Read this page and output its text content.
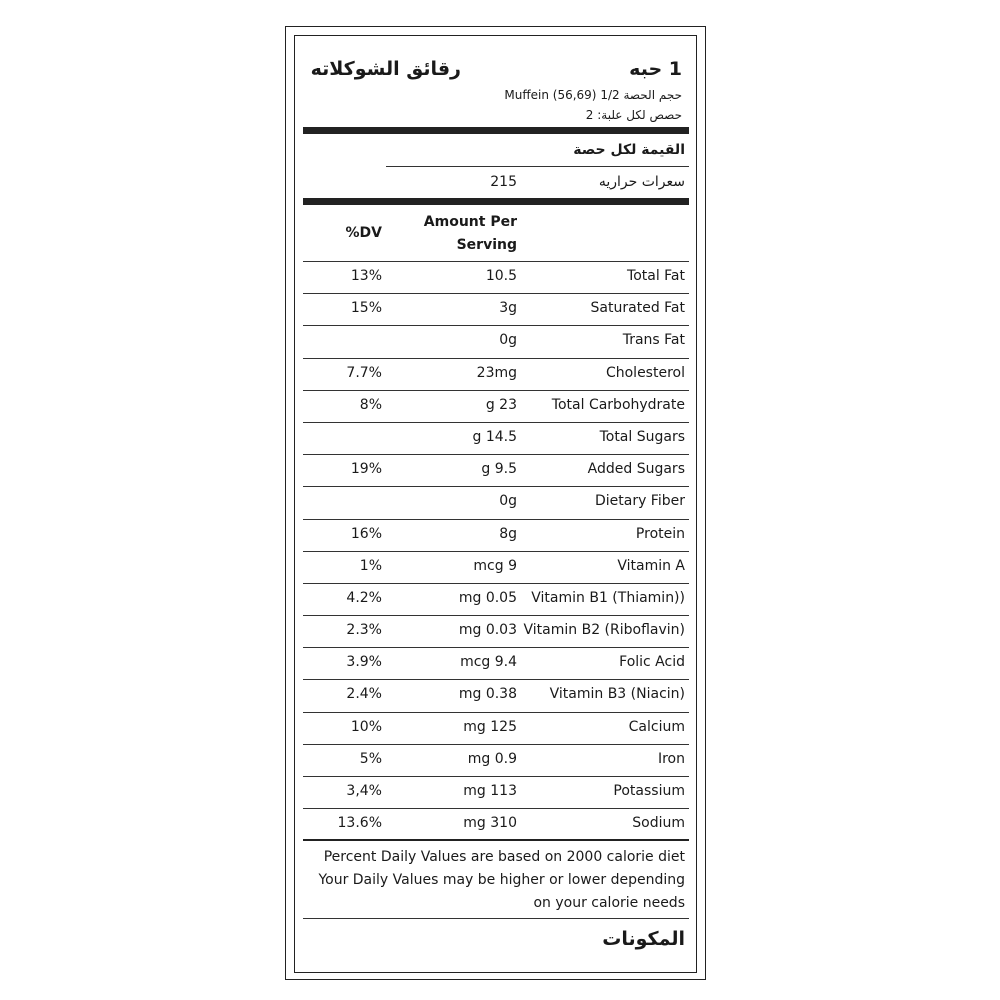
رقائق الشوكلاته	1 حبه
حجم الحصة 1/2 Muffein (56,69)
حصص لكل علبة: 2
القيمة لكل حصة
سعرات حراريه
215
Amount Per Serving
%DV
Total Fat
10.5
13%
Saturated Fat
3g
15%
Trans Fat
0g
Cholesterol
23mg
7.7%
Total Carbohydrate
g 23
8%
Total Sugars
g 14.5
Added Sugars
g 9.5
19%
Dietary Fiber
0g
Protein
8g
16%
Vitamin A
mcg 9
1%
Vitamin B1 (Thiamin))
mg 0.05
4.2%
Vitamin B2 (Riboflavin)
mg 0.03
2.3%
Folic Acid
mcg 9.4
3.9%
Vitamin B3 (Niacin)
mg 0.38
2.4%
Calcium
mg 125
10%
Iron
mg 0.9
5%
Potassium
mg 113
3,4%
Sodium
mg 310
13.6%
Percent Daily Values are based on 2000 calorie diet Your Daily Values may be higher or lower depending on your calorie needs
المكونات
